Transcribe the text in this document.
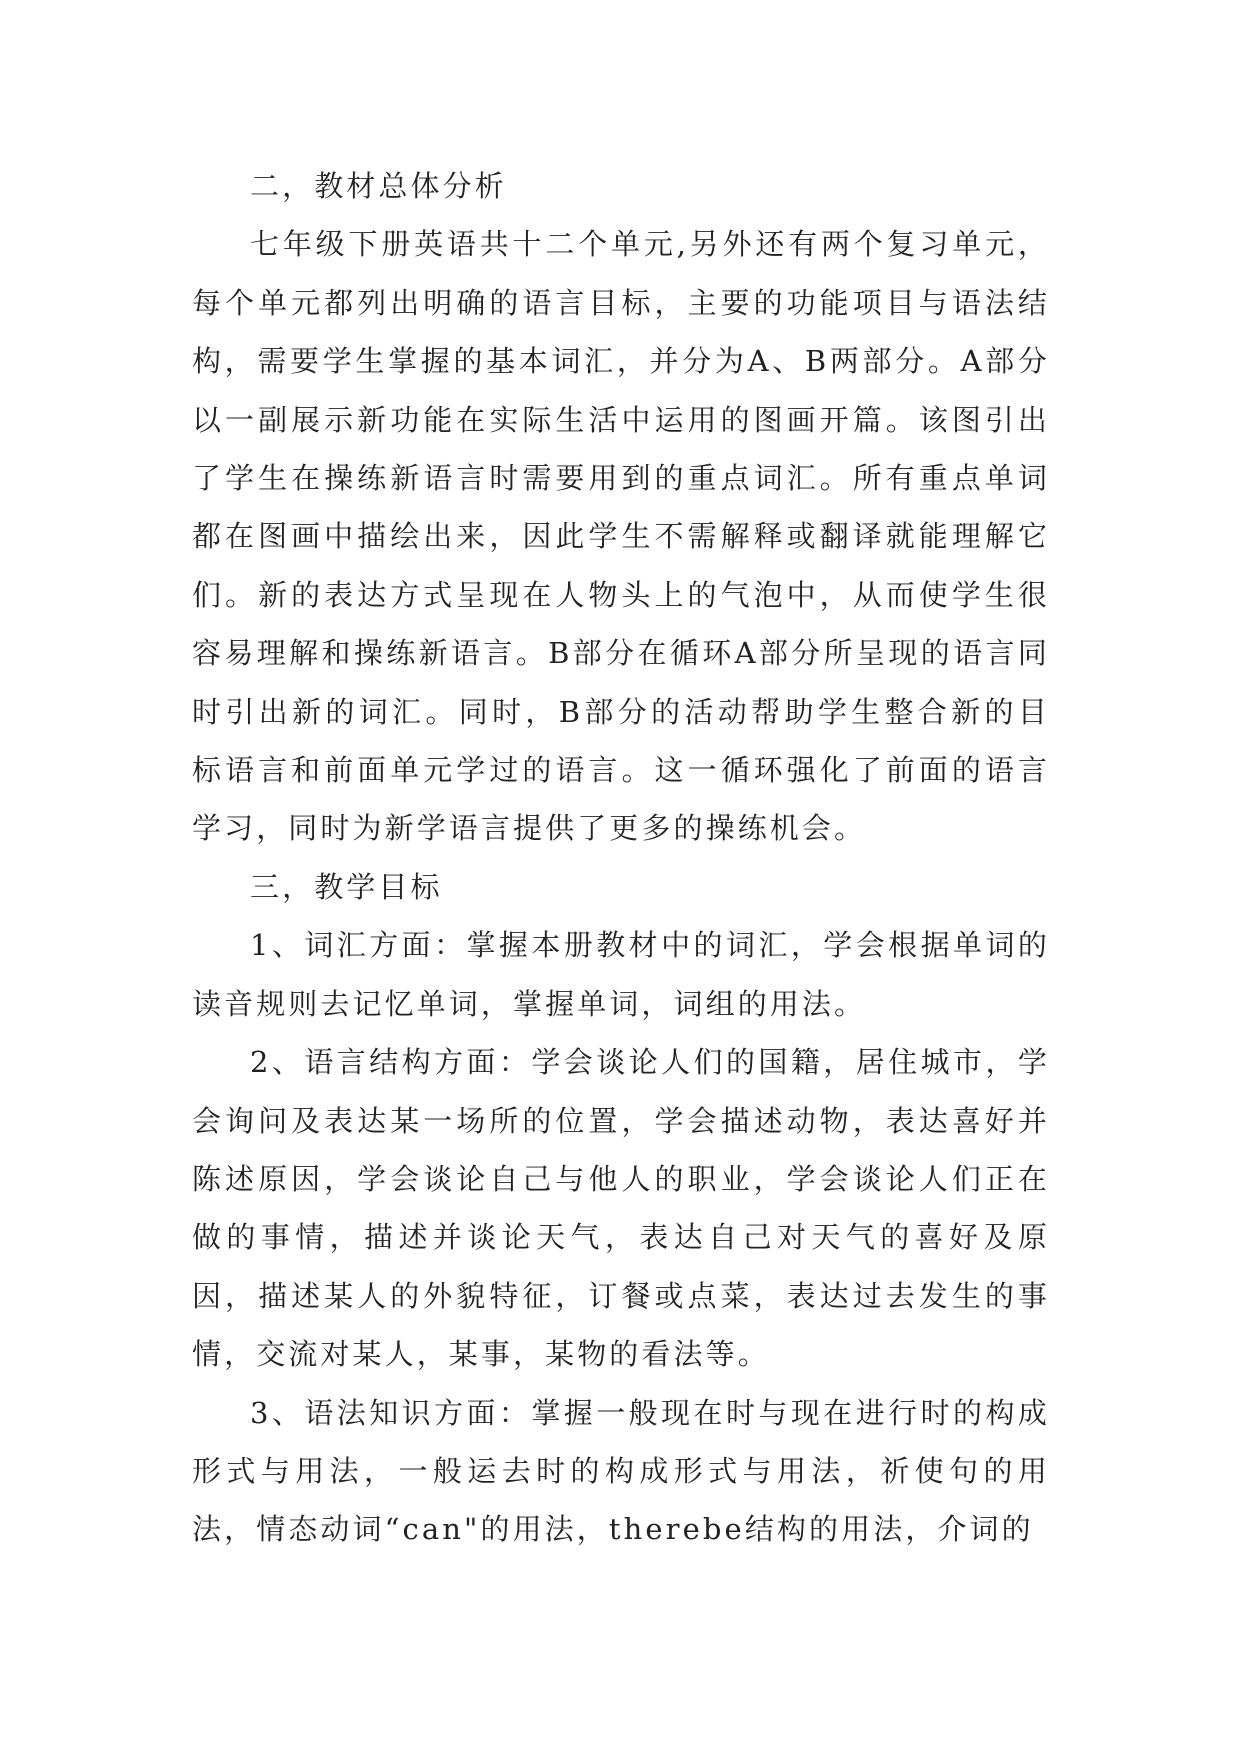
二，教材总体分析

七年级下册英语共十二个单元,另外还有两个复习单元，每个单元都列出明确的语言目标，主要的功能项目与语法结构，需要学生掌握的基本词汇，并分为A、B两部分。A部分以一副展示新功能在实际生活中运用的图画开篇。该图引出了学生在操练新语言时需要用到的重点词汇。所有重点单词都在图画中描绘出来，因此学生不需解释或翻译就能理解它们。新的表达方式呈现在人物头上的气泡中，从而使学生很容易理解和操练新语言。B部分在循环A部分所呈现的语言同时引出新的词汇。同时，B部分的活动帮助学生整合新的目标语言和前面单元学过的语言。这一循环强化了前面的语言学习，同时为新学语言提供了更多的操练机会。

三，教学目标

1、词汇方面：掌握本册教材中的词汇，学会根据单词的读音规则去记忆单词，掌握单词，词组的用法。

2、语言结构方面：学会谈论人们的国籍，居住城市，学会询问及表达某一场所的位置，学会描述动物，表达喜好并陈述原因，学会谈论自己与他人的职业，学会谈论人们正在做的事情，描述并谈论天气，表达自己对天气的喜好及原因，描述某人的外貌特征，订餐或点菜，表达过去发生的事情，交流对某人，某事，某物的看法等。

3、语法知识方面：掌握一般现在时与现在进行时的构成形式与用法，一般运去时的构成形式与用法，祈使句的用法，情态动词“can"的用法，therebe结构的用法，介词的
